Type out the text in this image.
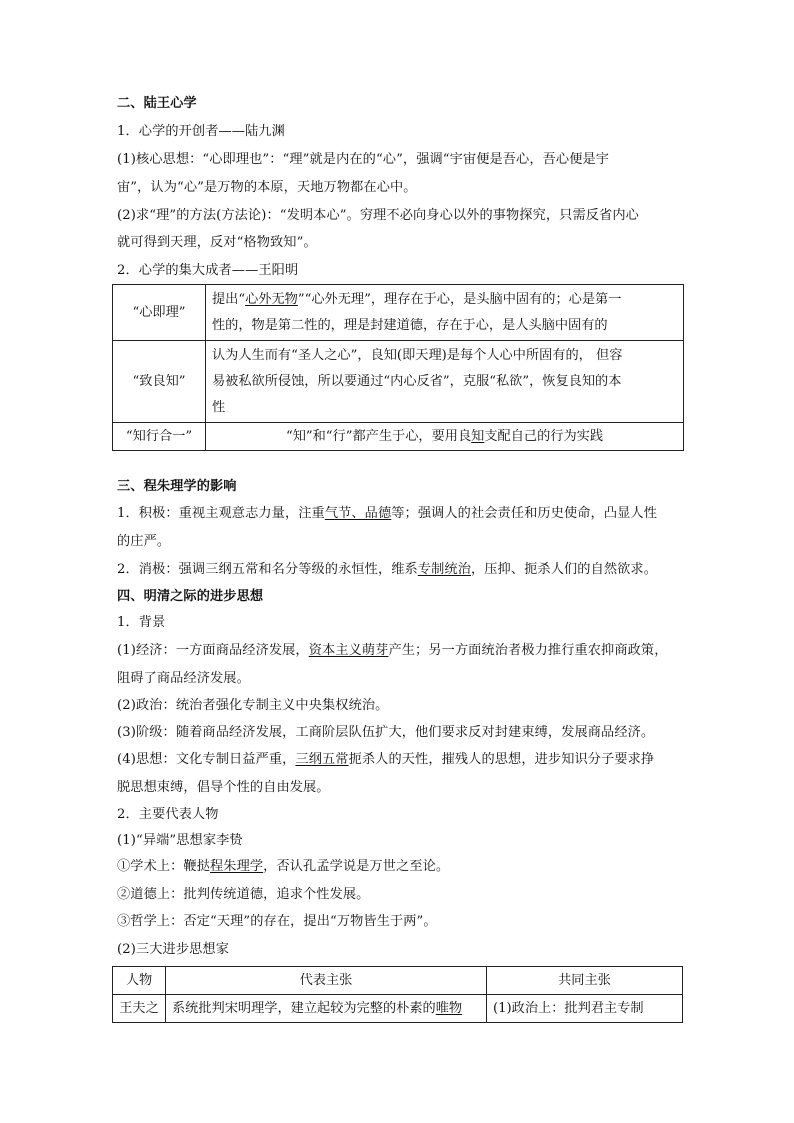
二、陆王心学
1．心学的开创者——陆九渊
(1)核心思想：“心即理也”：“理”就是内在的“心”，强调“宇宙便是吾心，吾心便是宇
宙”，认为“心”是万物的本原，天地万物都在心中。
(2)求“理”的方法(方法论)：“发明本心”。穷理不必向身心以外的事物探究，只需反省内心
就可得到天理，反对“格物致知”。
2．心学的集大成者——王阳明
“心即理”	提出“心外无物”“心外无理”，理存在于心，是头脑中固有的；心是第一
性的，物是第二性的，理是封建道德，存在于心，是人头脑中固有的

“致良知”	认为人生而有“圣人之心”，良知(即天理)是每个人心中所固有的， 但容
易被私欲所侵蚀，所以要通过“内心反省”，克服“私欲”，恢复良知的本
性

“知行合一”	“知”和“行”都产生于心，要用良知支配自己的行为实践
三、程朱理学的影响
1．积极：重视主观意志力量，注重气节、品德等；强调人的社会责任和历史使命，凸显人性
的庄严。
2．消极：强调三纲五常和名分等级的永恒性，维系专制统治，压抑、扼杀人们的自然欲求。
四、明清之际的进步思想
1．背景
(1)经济：一方面商品经济发展，资本主义萌芽产生；另一方面统治者极力推行重农抑商政策，
阻碍了商品经济发展。
(2)政治：统治者强化专制主义中央集权统治。
(3)阶级：随着商品经济发展，工商阶层队伍扩大，他们要求反对封建束缚，发展商品经济。
(4)思想：文化专制日益严重，三纲五常扼杀人的天性，摧残人的思想，进步知识分子要求挣
脱思想束缚，倡导个性的自由发展。
2．主要代表人物
(1)“异端”思想家李贽
①学术上：鞭挞程朱理学，否认孔孟学说是万世之至论。
②道德上：批判传统道德，追求个性发展。
③哲学上：否定“天理”的存在，提出“万物皆生于两”。
(2)三大进步思想家
人物	代表主张	共同主张
王夫之	系统批判宋明理学，建立起较为完整的朴素的唯物	(1)政治上：批判君主专制
